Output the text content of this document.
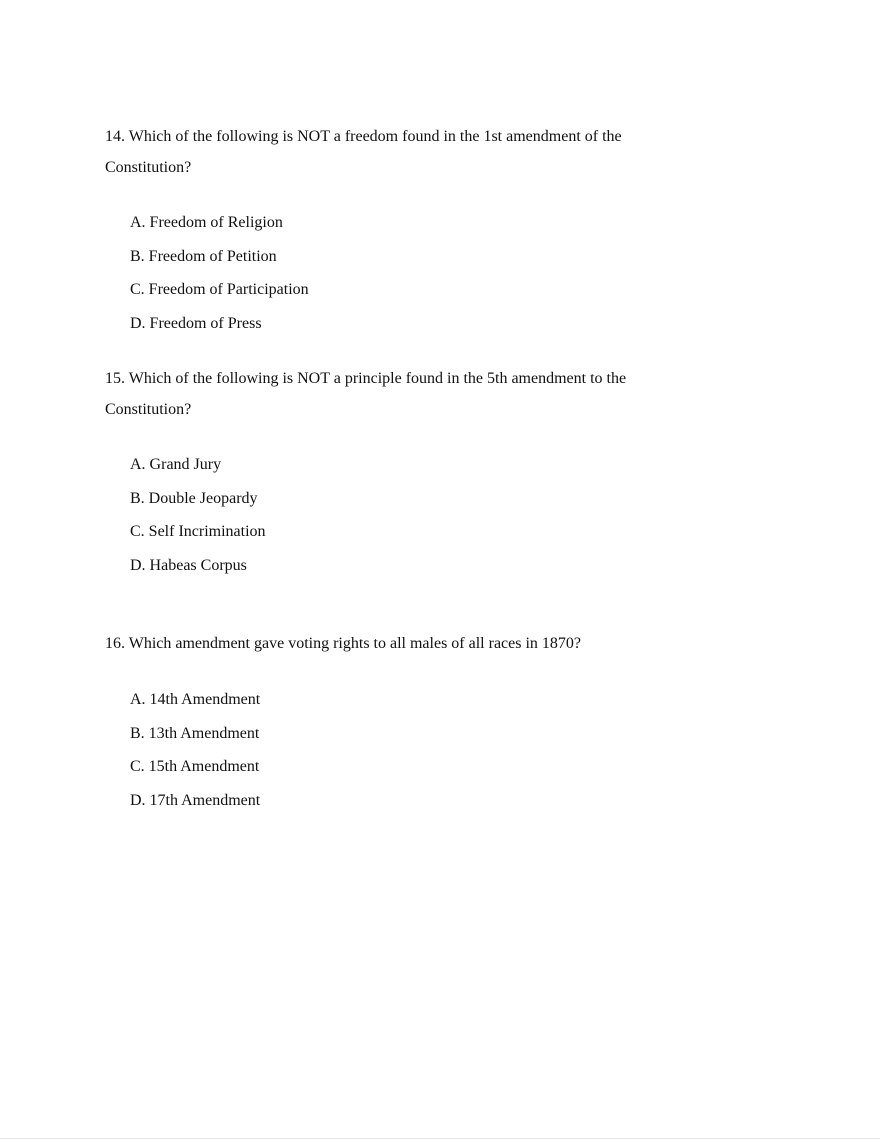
14. Which of the following is NOT a freedom found in the 1st amendment of the Constitution?

A. Freedom of Religion
B. Freedom of Petition
C. Freedom of Participation
D. Freedom of Press

15. Which of the following is NOT a principle found in the 5th amendment to the Constitution?

A. Grand Jury
B. Double Jeopardy
C. Self Incrimination
D. Habeas Corpus

16. Which amendment gave voting rights to all males of all races in 1870?

A. 14th Amendment
B. 13th Amendment
C. 15th Amendment
D. 17th Amendment
